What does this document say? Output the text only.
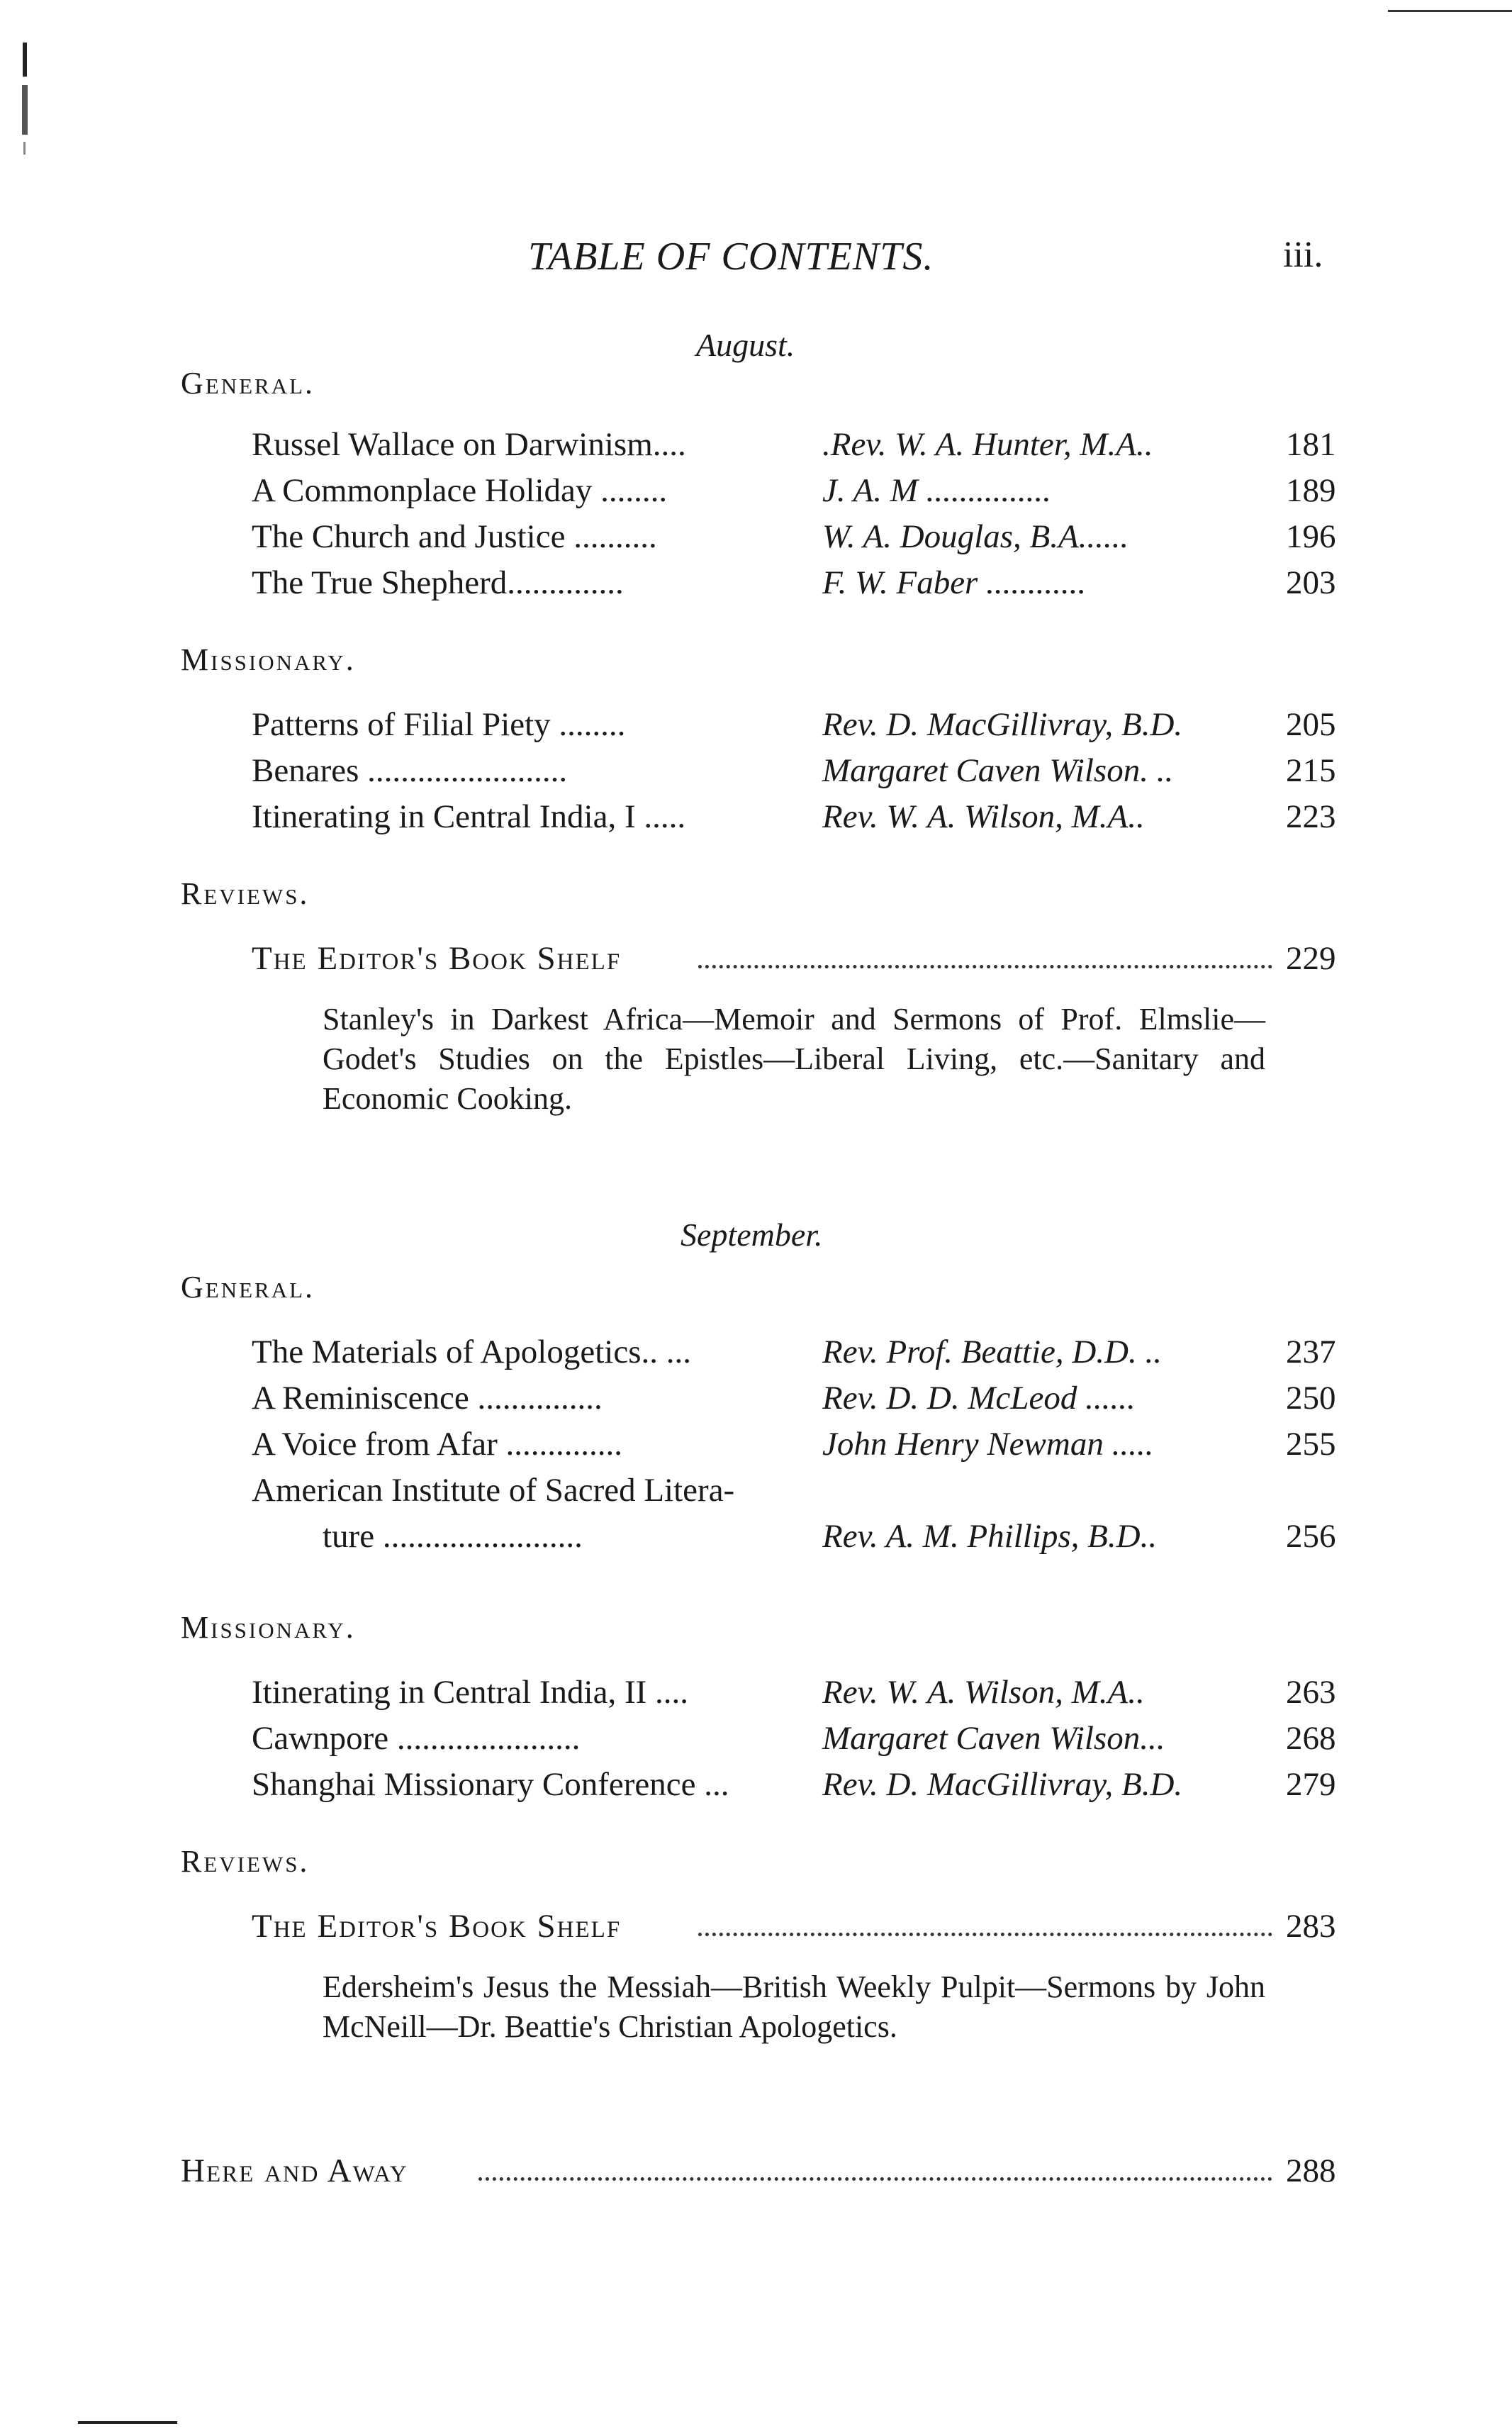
TABLE OF CONTENTS.	iii.
August.
General.
Russel Wallace on Darwinism....	.Rev. W. A. Hunter, M.A..	181
A Commonplace Holiday ........	J. A. M ...............	189
The Church and Justice ..........	W. A. Douglas, B.A......	196
The True Shepherd..............	F. W. Faber ............	203
Missionary.
Patterns of Filial Piety ........	Rev. D. MacGillivray, B.D.	205
Benares ........................	Margaret Caven Wilson. ..	215
Itinerating in Central India, I .....	Rev. W. A. Wilson, M.A..	223
Reviews.
The Editor's Book Shelf	229
Stanley's in Darkest Africa—Memoir and Sermons of Prof. Elmslie—Godet's Studies on the Epistles—Liberal Living, etc.—Sanitary and Economic Cooking.
September.
General.
The Materials of Apologetics.. ...	Rev. Prof. Beattie, D.D. ..	237
A Reminiscence ...............	Rev. D. D. McLeod ......	250
A Voice from Afar ..............	John Henry Newman .....	255
American Institute of Sacred Litera-
ture ........................	Rev. A. M. Phillips, B.D..	256
Missionary.
Itinerating in Central India, II ....	Rev. W. A. Wilson, M.A..	263
Cawnpore ......................	Margaret Caven Wilson...	268
Shanghai Missionary Conference ...	Rev. D. MacGillivray, B.D.	279
Reviews.
The Editor's Book Shelf	283
Edersheim's Jesus the Messiah—British Weekly Pulpit—Sermons by John McNeill—Dr. Beattie's Christian Apologetics.
Here and Away	288
